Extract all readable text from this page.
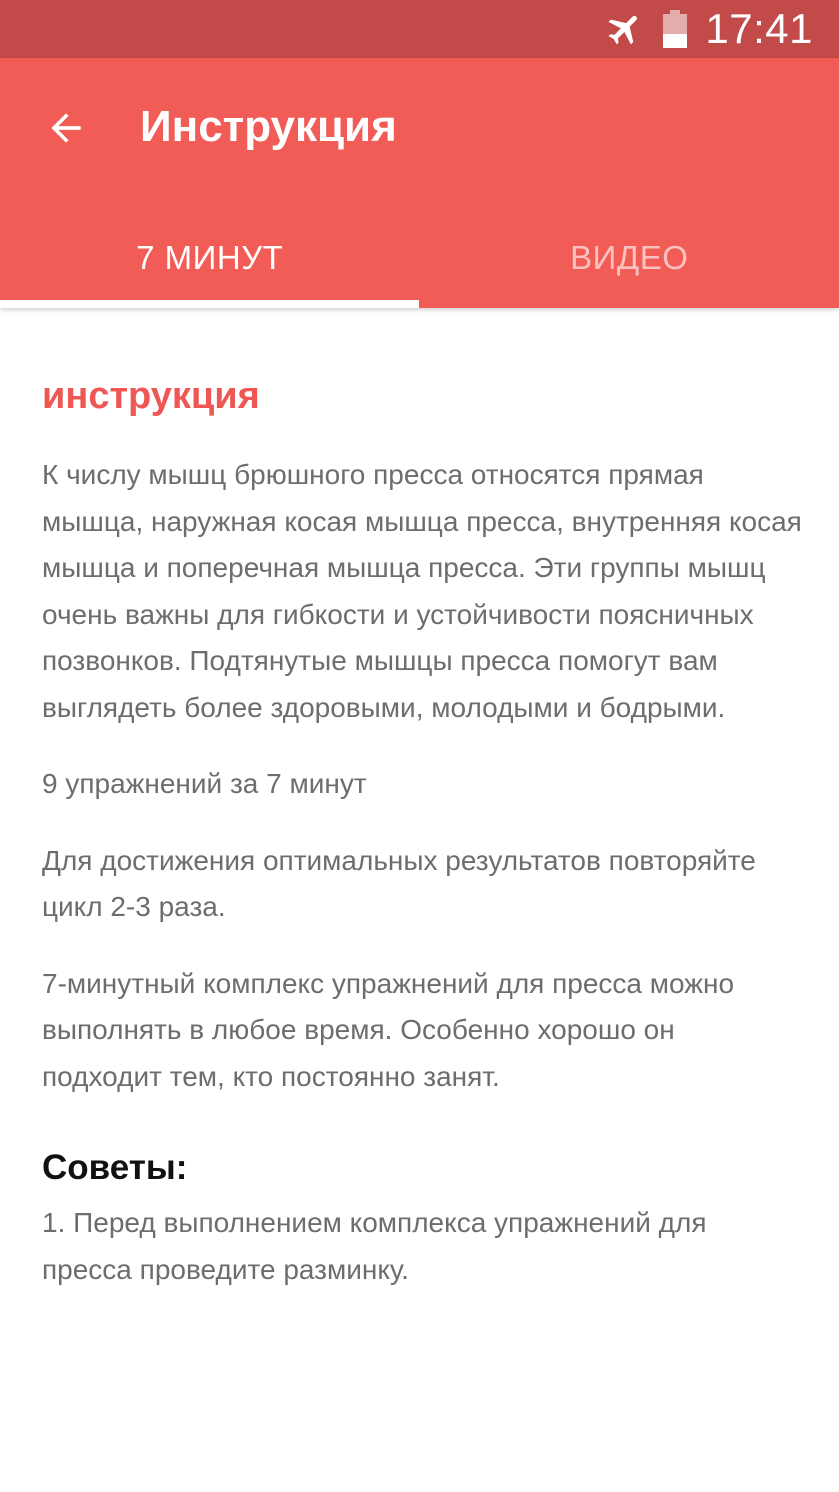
17:41
Инструкция
7 МИНУТ	ВИДЕО
инструкция

К числу мышц брюшного пресса относятся прямая мышца, наружная косая мышца пресса, внутренняя косая мышца и поперечная мышца пресса. Эти группы мышц очень важны для гибкости и устойчивости поясничных позвонков. Подтянутые мышцы пресса помогут вам выглядеть более здоровыми, молодыми и бодрыми.

9 упражнений за 7 минут

Для достижения оптимальных результатов повторяйте цикл 2-3 раза.

7-минутный комплекс упражнений для пресса можно выполнять в любое время. Особенно хорошо он подходит тем, кто постоянно занят.

Советы:

1. Перед выполнением комплекса упражнений для пресса проведите разминку.
